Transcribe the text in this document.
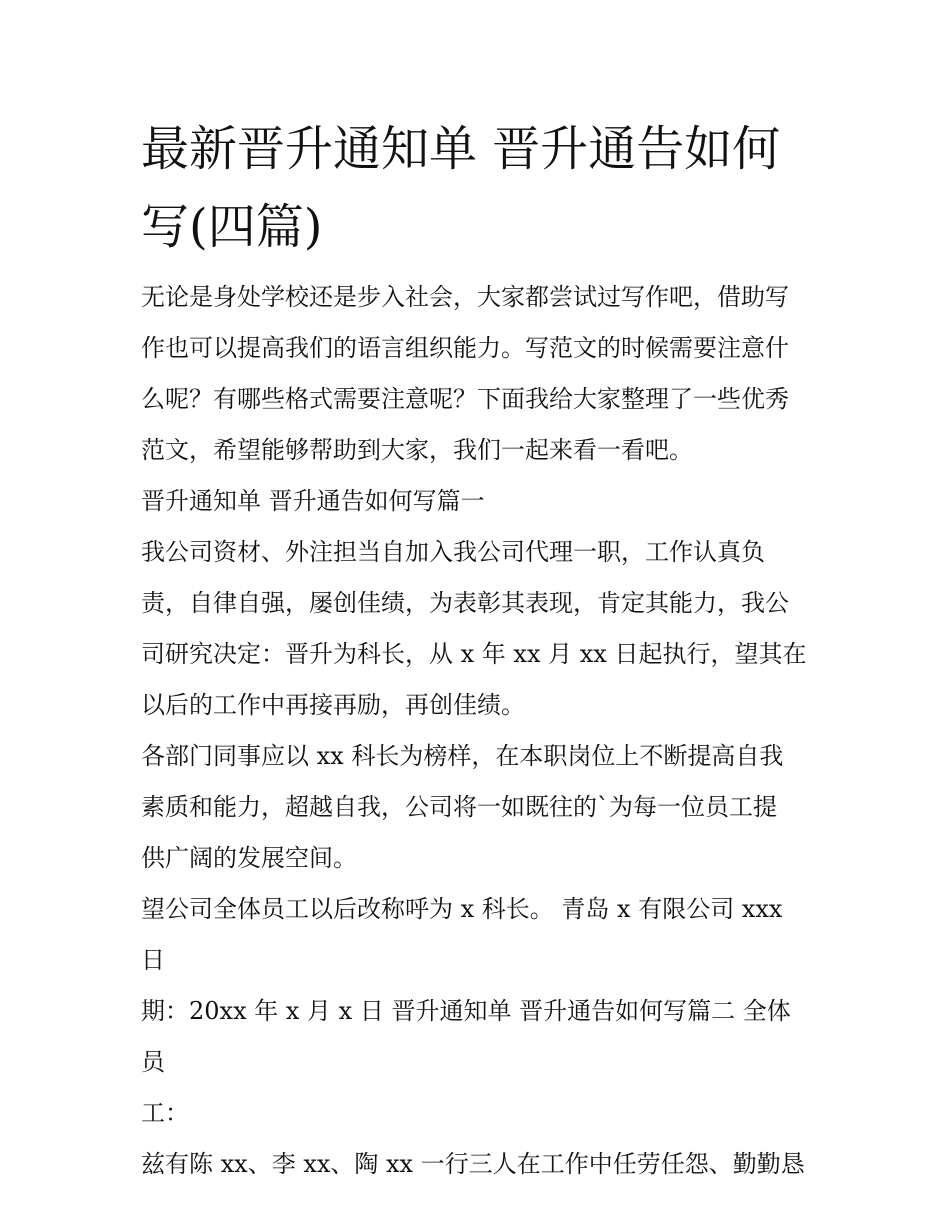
最新晋升通知单 晋升通告如何
写(四篇)

无论是身处学校还是步入社会，大家都尝试过写作吧，借助写

作也可以提高我们的语言组织能力。写范文的时候需要注意什

么呢？有哪些格式需要注意呢？下面我给大家整理了一些优秀

范文，希望能够帮助到大家，我们一起来看一看吧。

晋升通知单 晋升通告如何写篇一

我公司资材、外注担当自加入我公司代理一职，工作认真负

责，自律自强，屡创佳绩，为表彰其表现，肯定其能力，我公

司研究决定：晋升为科长，从 x 年 xx 月 xx 日起执行，望其在

以后的工作中再接再励，再创佳绩。

各部门同事应以 xx 科长为榜样，在本职岗位上不断提高自我

素质和能力，超越自我，公司将一如既往的`为每一位员工提

供广阔的发展空间。

望公司全体员工以后改称呼为 x 科长。 青岛 x 有限公司 xxx 日

期：20xx 年 x 月 x 日 晋升通知单 晋升通告如何写篇二 全体员

工：

兹有陈 xx、李 xx、陶 xx 一行三人在工作中任劳任怨、勤勤恳
